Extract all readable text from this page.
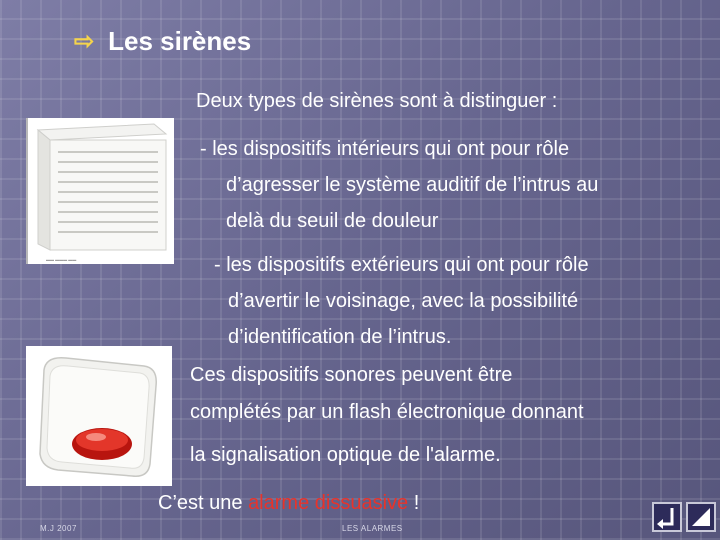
⇨ Les sirènes
Deux types de sirènes sont à distinguer :
- les dispositifs intérieurs qui ont pour rôle
d’agresser le système auditif de l’intrus au
delà du seuil de douleur
- les dispositifs extérieurs qui ont pour rôle
d’avertir le voisinage, avec la possibilité
d’identification de l’intrus.
Ces dispositifs sonores peuvent être
complétés par un flash électronique donnant
la signalisation optique de l'alarme.
C’est une alarme dissuasive !
▬▬ ▬▬▬ ▬▬
M.J 2007	LES ALARMES
